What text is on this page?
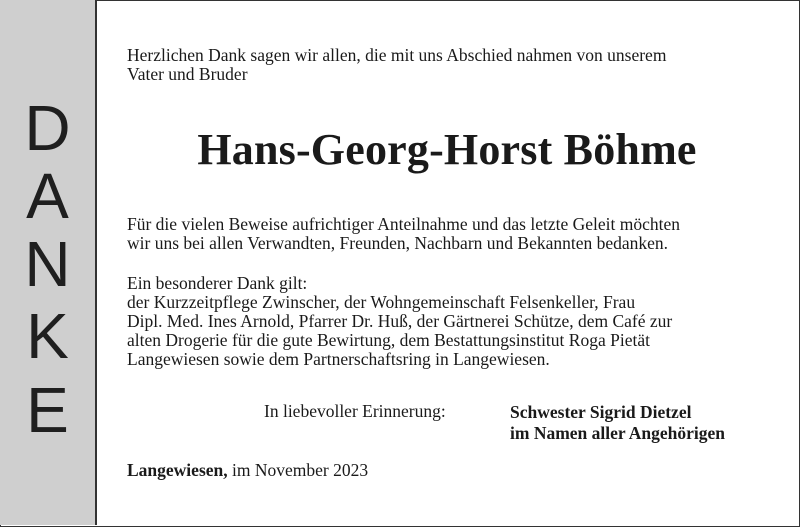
D
A
N
K
E
Herzlichen Dank sagen wir allen, die mit uns Abschied nahmen von unserem
Vater und Bruder
Hans-Georg-Horst Böhme
Für die vielen Beweise aufrichtiger Anteilnahme und das letzte Geleit möchten
wir uns bei allen Verwandten, Freunden, Nachbarn und Bekannten bedanken.
Ein besonderer Dank gilt:
der Kurzzeitpflege Zwinscher, der Wohngemeinschaft Felsenkeller, Frau
Dipl. Med. Ines Arnold, Pfarrer Dr. Huß, der Gärtnerei Schütze, dem Café zur
alten Drogerie für die gute Bewirtung, dem Bestattungsinstitut Roga Pietät
Langewiesen sowie dem Partnerschaftsring in Langewiesen.
In liebevoller Erinnerung:	Schwester Sigrid Dietzel
im Namen aller Angehörigen
Langewiesen, im November 2023
